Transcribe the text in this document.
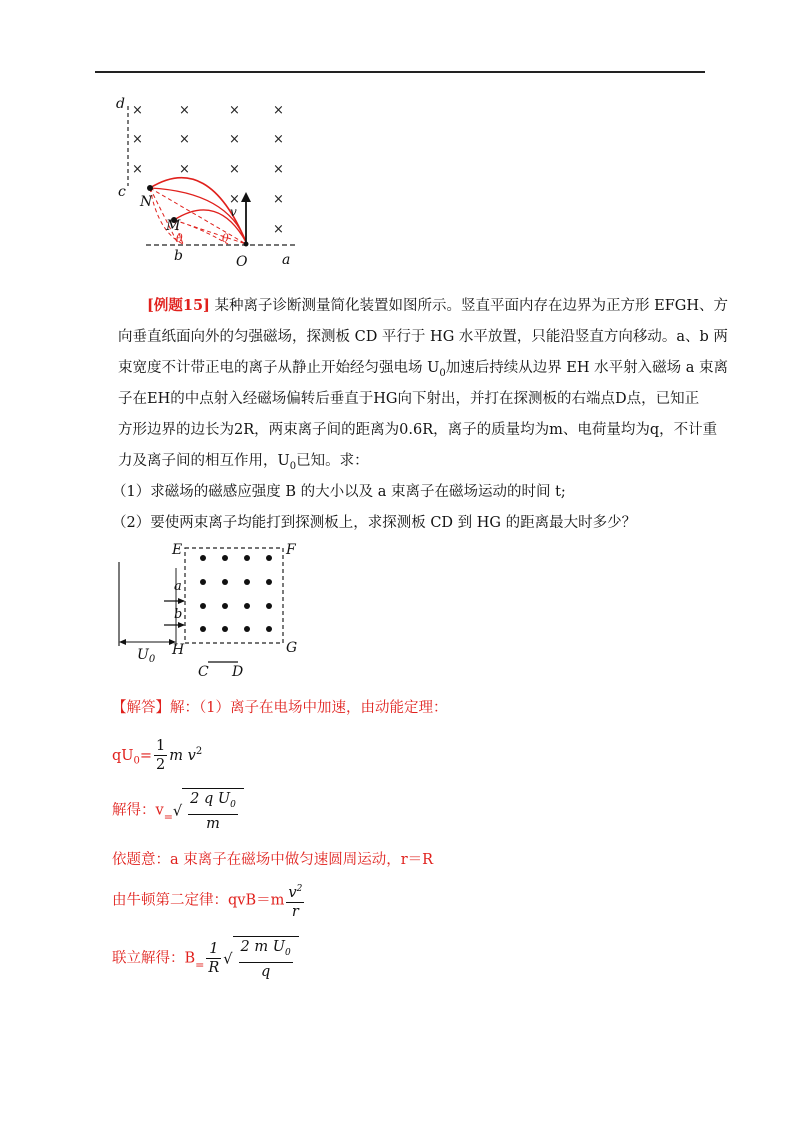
×	×	×	×
×	×	×	×
×	×	×	×
×	×
×
d
c
N
M
b	O a
v
θ	θ
[例题15] 某种离子诊断测量简化装置如图所示。竖直平面内存在边界为正方形 EFGH、方
向垂直纸面向外的匀强磁场，探测板 CD 平行于 HG 水平放置，只能沿竖直方向移动。a、b 两
束宽度不计带正电的离子从静止开始经匀强电场 $U_0$加速后持续从边界 EH 水平射入磁场 a 束离
子在EH的中点射入经磁场偏转后垂直于HG向下射出，并打在探测板的右端点D点，已知正
方形边界的边长为2R，两束离子间的距离为0.6R，离子的质量均为m、电荷量均为q，不计重
力及离子间的相互作用，$U_0$已知。求：
（1）求磁场的磁感应强度 B 的大小以及 a 束离子在磁场运动的时间 t;
（2）要使两束离子均能打到探测板上，求探测板 CD 到 HG 的距离最大时多少？
E	F
H	G
a
b
C D
$U_0$
【解答】解：（1）离子在电场中加速，由动能定理：
$qU_0= \frac{1}{2}$ m $v^2$
解得：$v_=√ \frac{2 q U_0}{m}$
依题意：a 束离子在磁场中做匀速圆周运动，r＝R
由牛顿第二定律：$qvB=m \frac{v^2}{r}$
联立解得：$B_= \frac{1}{R}$ √ $\frac{2 m U_0}{q}$
